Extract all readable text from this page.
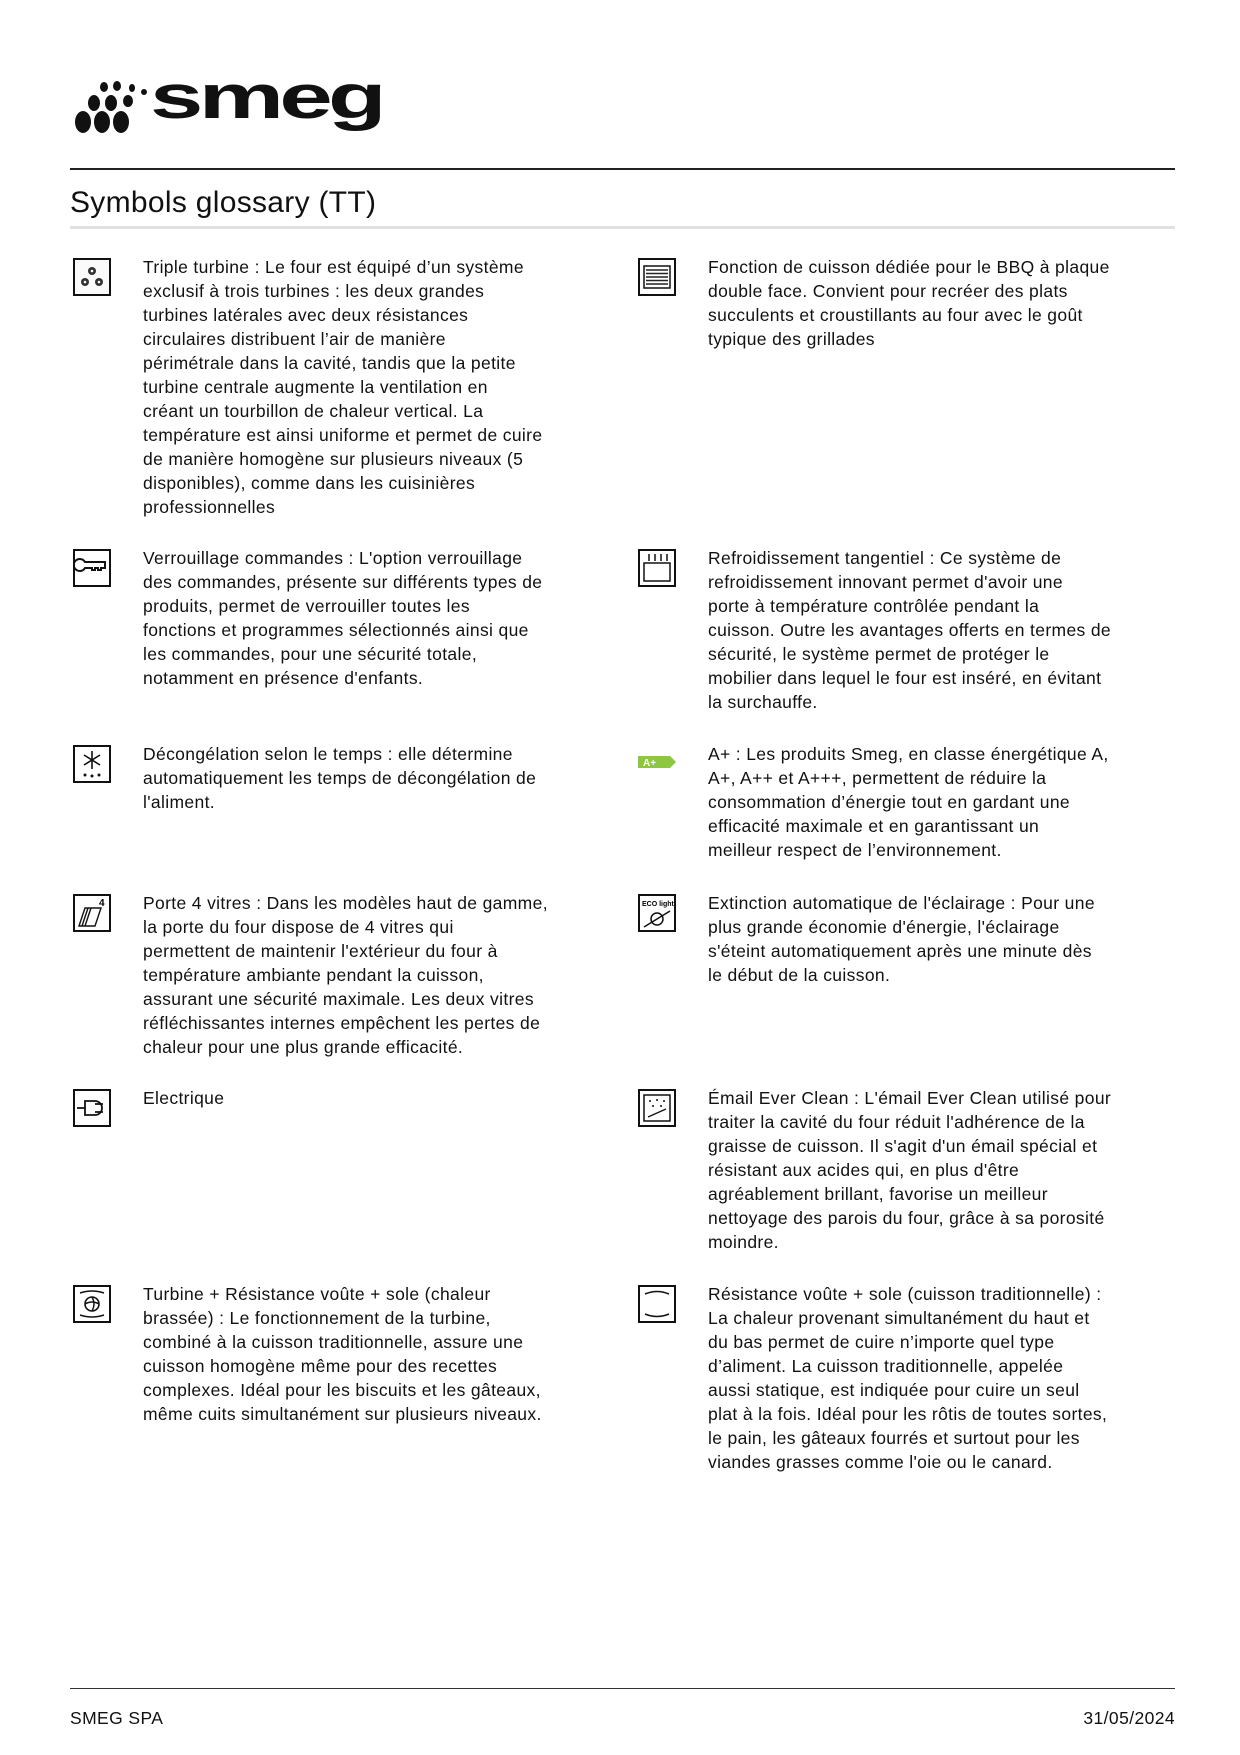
smeg
Symbols glossary (TT)
Triple turbine : Le four est équipé d’un système
exclusif à trois turbines : les deux grandes
turbines latérales avec deux résistances
circulaires distribuent l’air de manière
périmétrale dans la cavité, tandis que la petite
turbine centrale augmente la ventilation en
créant un tourbillon de chaleur vertical. La
température est ainsi uniforme et permet de cuire
de manière homogène sur plusieurs niveaux (5
disponibles), comme dans les cuisinières
professionnelles
Fonction de cuisson dédiée pour le BBQ à plaque
double face. Convient pour recréer des plats
succulents et croustillants au four avec le goût
typique des grillades
Verrouillage commandes : L'option verrouillage
des commandes, présente sur différents types de
produits, permet de verrouiller toutes les
fonctions et programmes sélectionnés ainsi que
les commandes, pour une sécurité totale,
notamment en présence d'enfants.
Refroidissement tangentiel : Ce système de
refroidissement innovant permet d'avoir une
porte à température contrôlée pendant la
cuisson. Outre les avantages offerts en termes de
sécurité, le système permet de protéger le
mobilier dans lequel le four est inséré, en évitant
la surchauffe.
Décongélation selon le temps : elle détermine
automatiquement les temps de décongélation de
l'aliment.
A+	A+ : Les produits Smeg, en classe énergétique A,
A+, A++ et A+++, permettent de réduire la
consommation d’énergie tout en gardant une
efficacité maximale et en garantissant un
meilleur respect de l’environnement.
4 Porte 4 vitres : Dans les modèles haut de gamme,
la porte du four dispose de 4 vitres qui
permettent de maintenir l'extérieur du four à
température ambiante pendant la cuisson,
assurant une sécurité maximale. Les deux vitres
réfléchissantes internes empêchent les pertes de
chaleur pour une plus grande efficacité.
ECO light Extinction automatique de l'éclairage : Pour une
plus grande économie d'énergie, l'éclairage
s'éteint automatiquement après une minute dès
le début de la cuisson.
Electrique	Émail Ever Clean : L'émail Ever Clean utilisé pour
traiter la cavité du four réduit l'adhérence de la
graisse de cuisson. Il s'agit d'un émail spécial et
résistant aux acides qui, en plus d'être
agréablement brillant, favorise un meilleur
nettoyage des parois du four, grâce à sa porosité
moindre.
Turbine + Résistance voûte + sole (chaleur
brassée) : Le fonctionnement de la turbine,
combiné à la cuisson traditionnelle, assure une
cuisson homogène même pour des recettes
complexes. Idéal pour les biscuits et les gâteaux,
même cuits simultanément sur plusieurs niveaux.
Résistance voûte + sole (cuisson traditionnelle) :
La chaleur provenant simultanément du haut et
du bas permet de cuire n’importe quel type
d’aliment. La cuisson traditionnelle, appelée
aussi statique, est indiquée pour cuire un seul
plat à la fois. Idéal pour les rôtis de toutes sortes,
le pain, les gâteaux fourrés et surtout pour les
viandes grasses comme l'oie ou le canard.
SMEG SPA	31/05/2024
